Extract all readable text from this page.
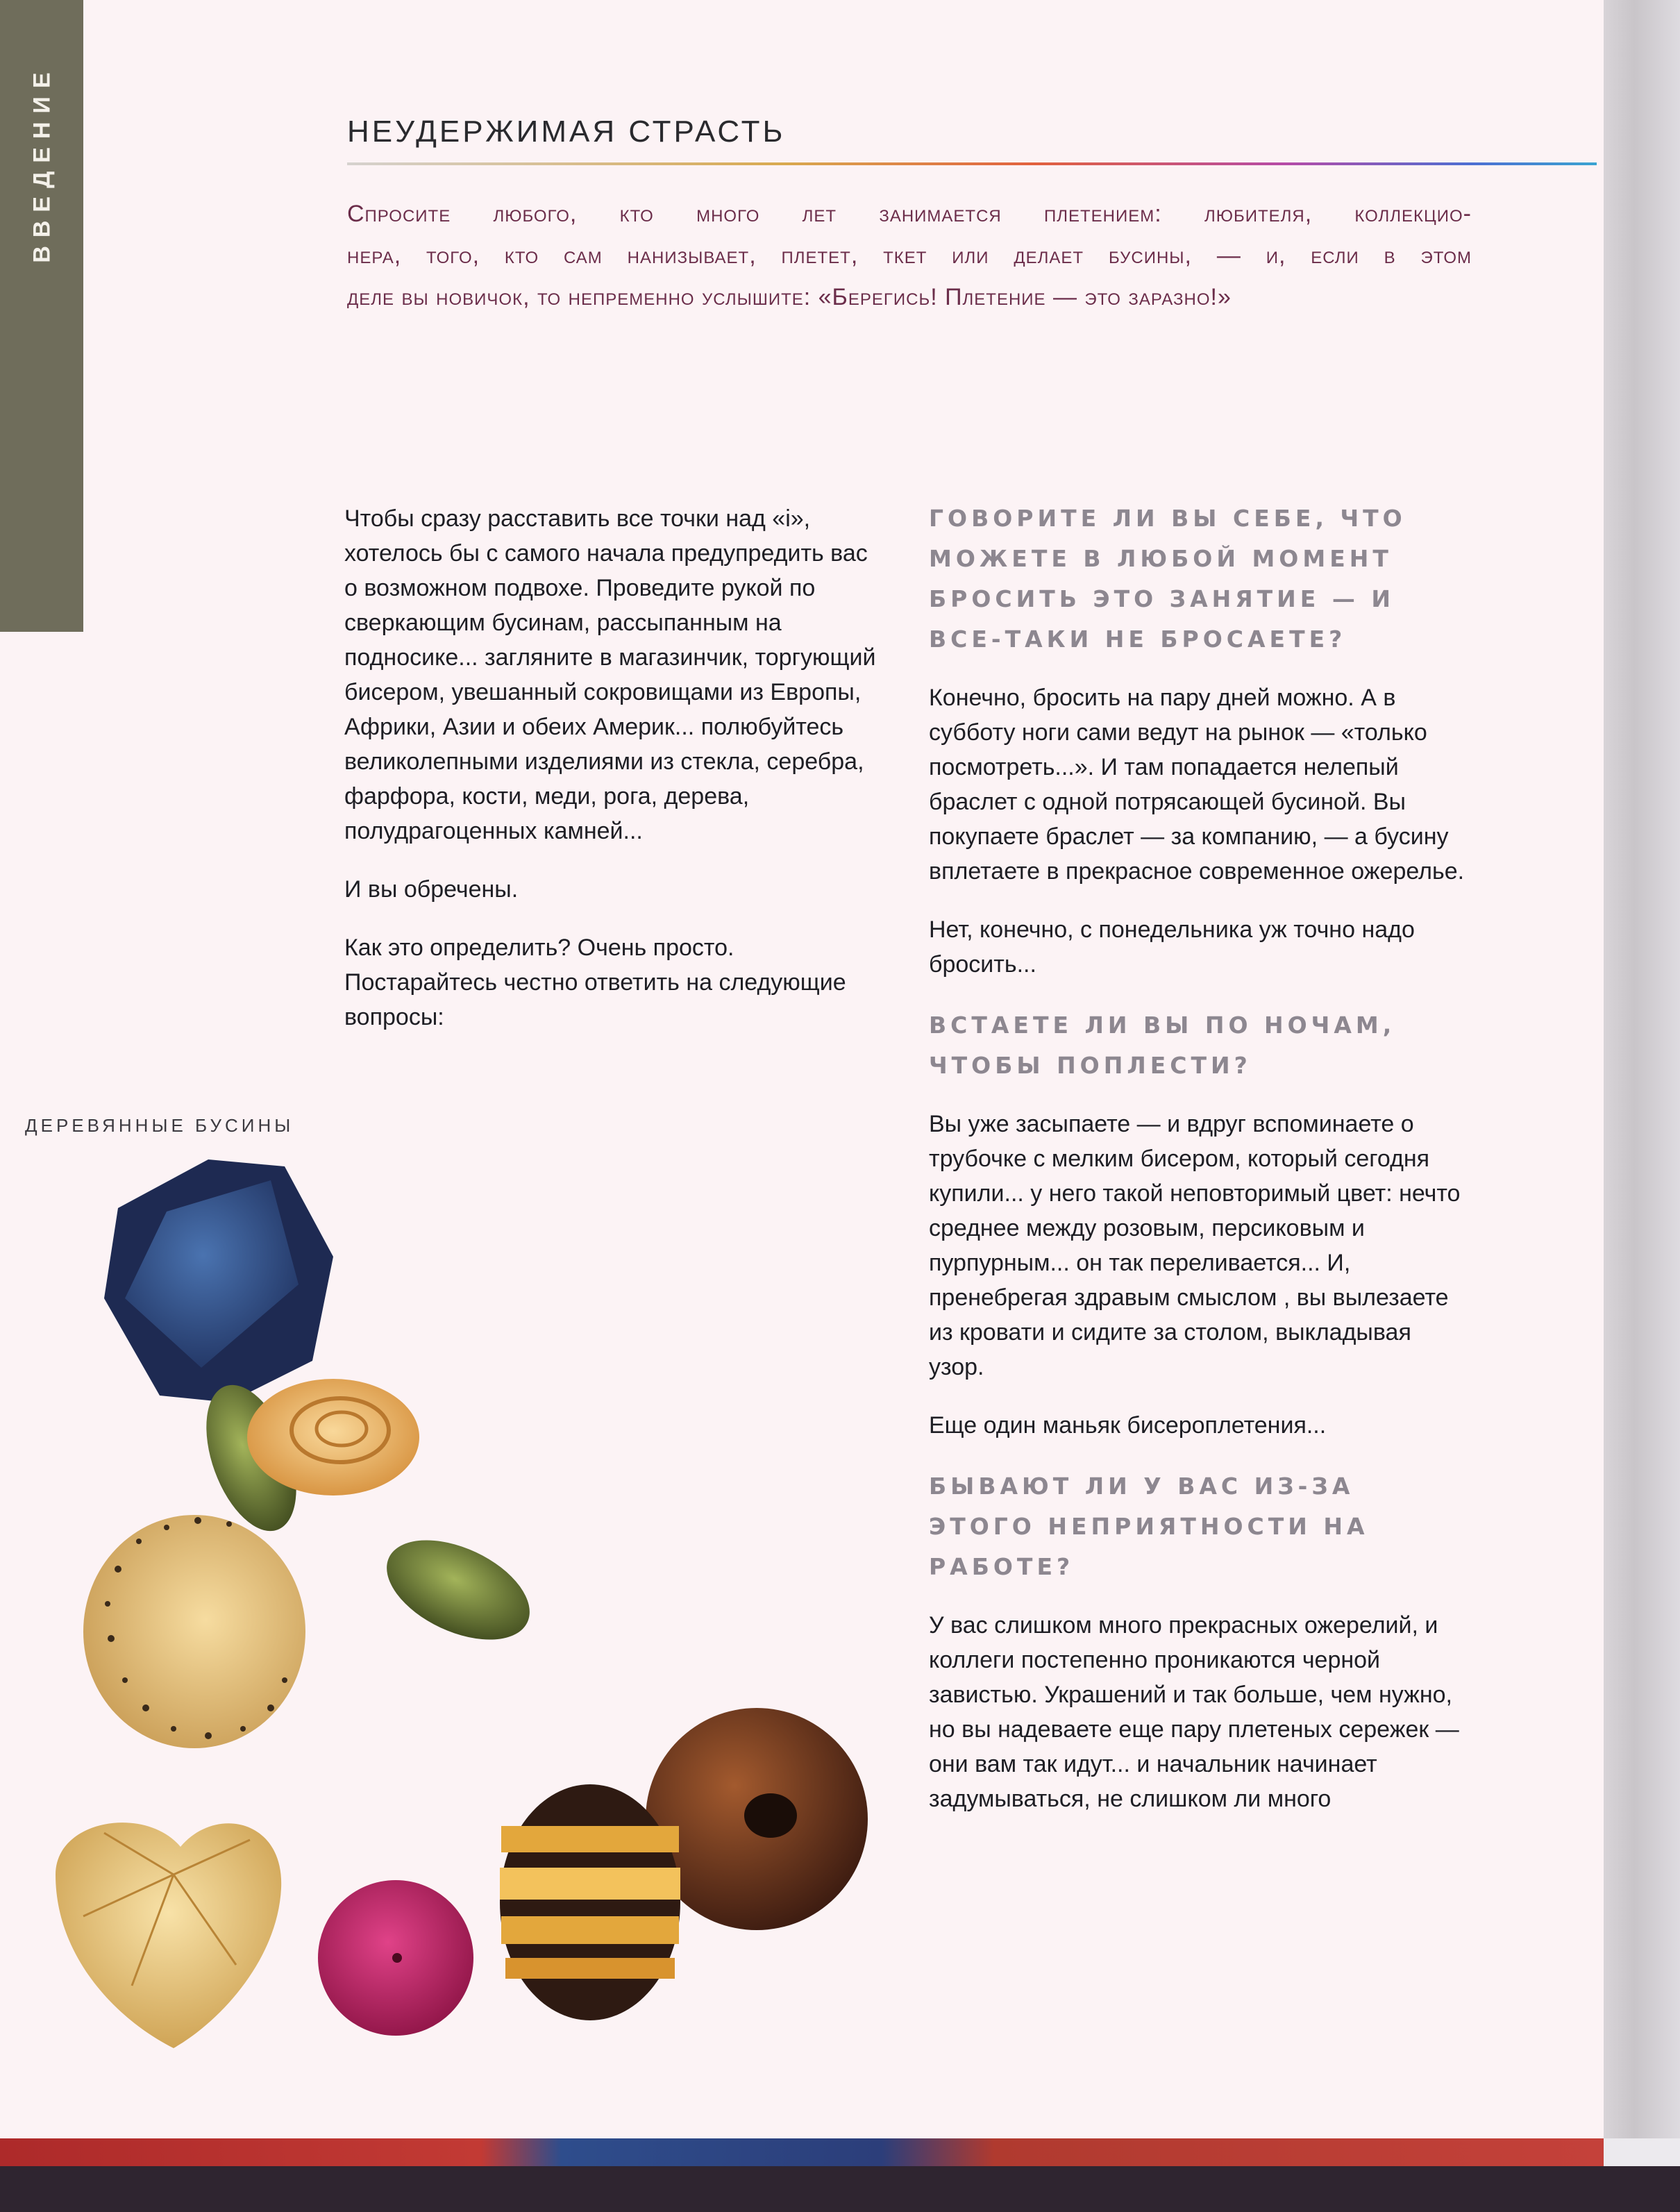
ВВЕДЕНИЕ	НЕУДЕРЖИМАЯ СТРАСТЬ

Спросите любого, кто много лет занимается плетением: любителя, коллекцио-
нера, того, кто сам нанизывает, плетет, ткет или делает бусины, — и, если в этом
деле вы новичок, то непременно услышите: «Берегись! Плетение — это заразно!»

Чтобы сразу расставить все точки над «i», хотелось бы с самого начала предупредить вас о возможном подвохе. Проведите рукой по сверкающим бусинам, рассыпанным на подносике... загляните в магазинчик, торгующий бисером, увешанный сокровищами из Европы, Африки, Азии и обеих Америк... полюбуйтесь великолепными изделиями из стекла, серебра, фарфора, кости, меди, рога, дерева, полудрагоценных камней...

И вы обречены.

Как это определить? Очень просто. Постарайтесь честно ответить на следующие вопросы:

ГОВОРИТЕ ЛИ ВЫ СЕБЕ, ЧТО МОЖЕТЕ В ЛЮБОЙ МОМЕНТ БРОСИТЬ ЭТО ЗАНЯТИЕ — И ВСЕ-ТАКИ НЕ БРОСАЕТЕ?

Конечно, бросить на пару дней можно. А в субботу ноги сами ведут на рынок — «только посмотреть...». И там попадается нелепый браслет с одной потрясающей бусиной. Вы покупаете браслет — за компанию, — а бусину вплетаете в прекрасное современное ожерелье.

Нет, конечно, с понедельника уж точно надо бросить...

ВСТАЕТЕ ЛИ ВЫ ПО НОЧАМ, ЧТОБЫ ПОПЛЕСТИ?

Вы уже засыпаете — и вдруг вспоминаете о трубочке с мелким бисером, который сегодня купили... у него такой неповторимый цвет: нечто среднее между розовым, персиковым и пурпурным... он так переливается... И, пренебрегая здравым смыслом , вы вылезаете из кровати и сидите за столом, выкладывая узор.

Еще один маньяк бисероплетения...

БЫВАЮТ ЛИ У ВАС ИЗ-ЗА ЭТОГО НЕПРИЯТНОСТИ НА РАБОТЕ?

У вас слишком много прекрасных ожерелий, и коллеги постепенно проникаются черной завистью. Украшений и так больше, чем нужно, но вы надеваете еще пару плетеных сережек — они вам так идут... и начальник начинает задумываться, не слишком ли много

ДЕРЕВЯННЫЕ БУСИНЫ
